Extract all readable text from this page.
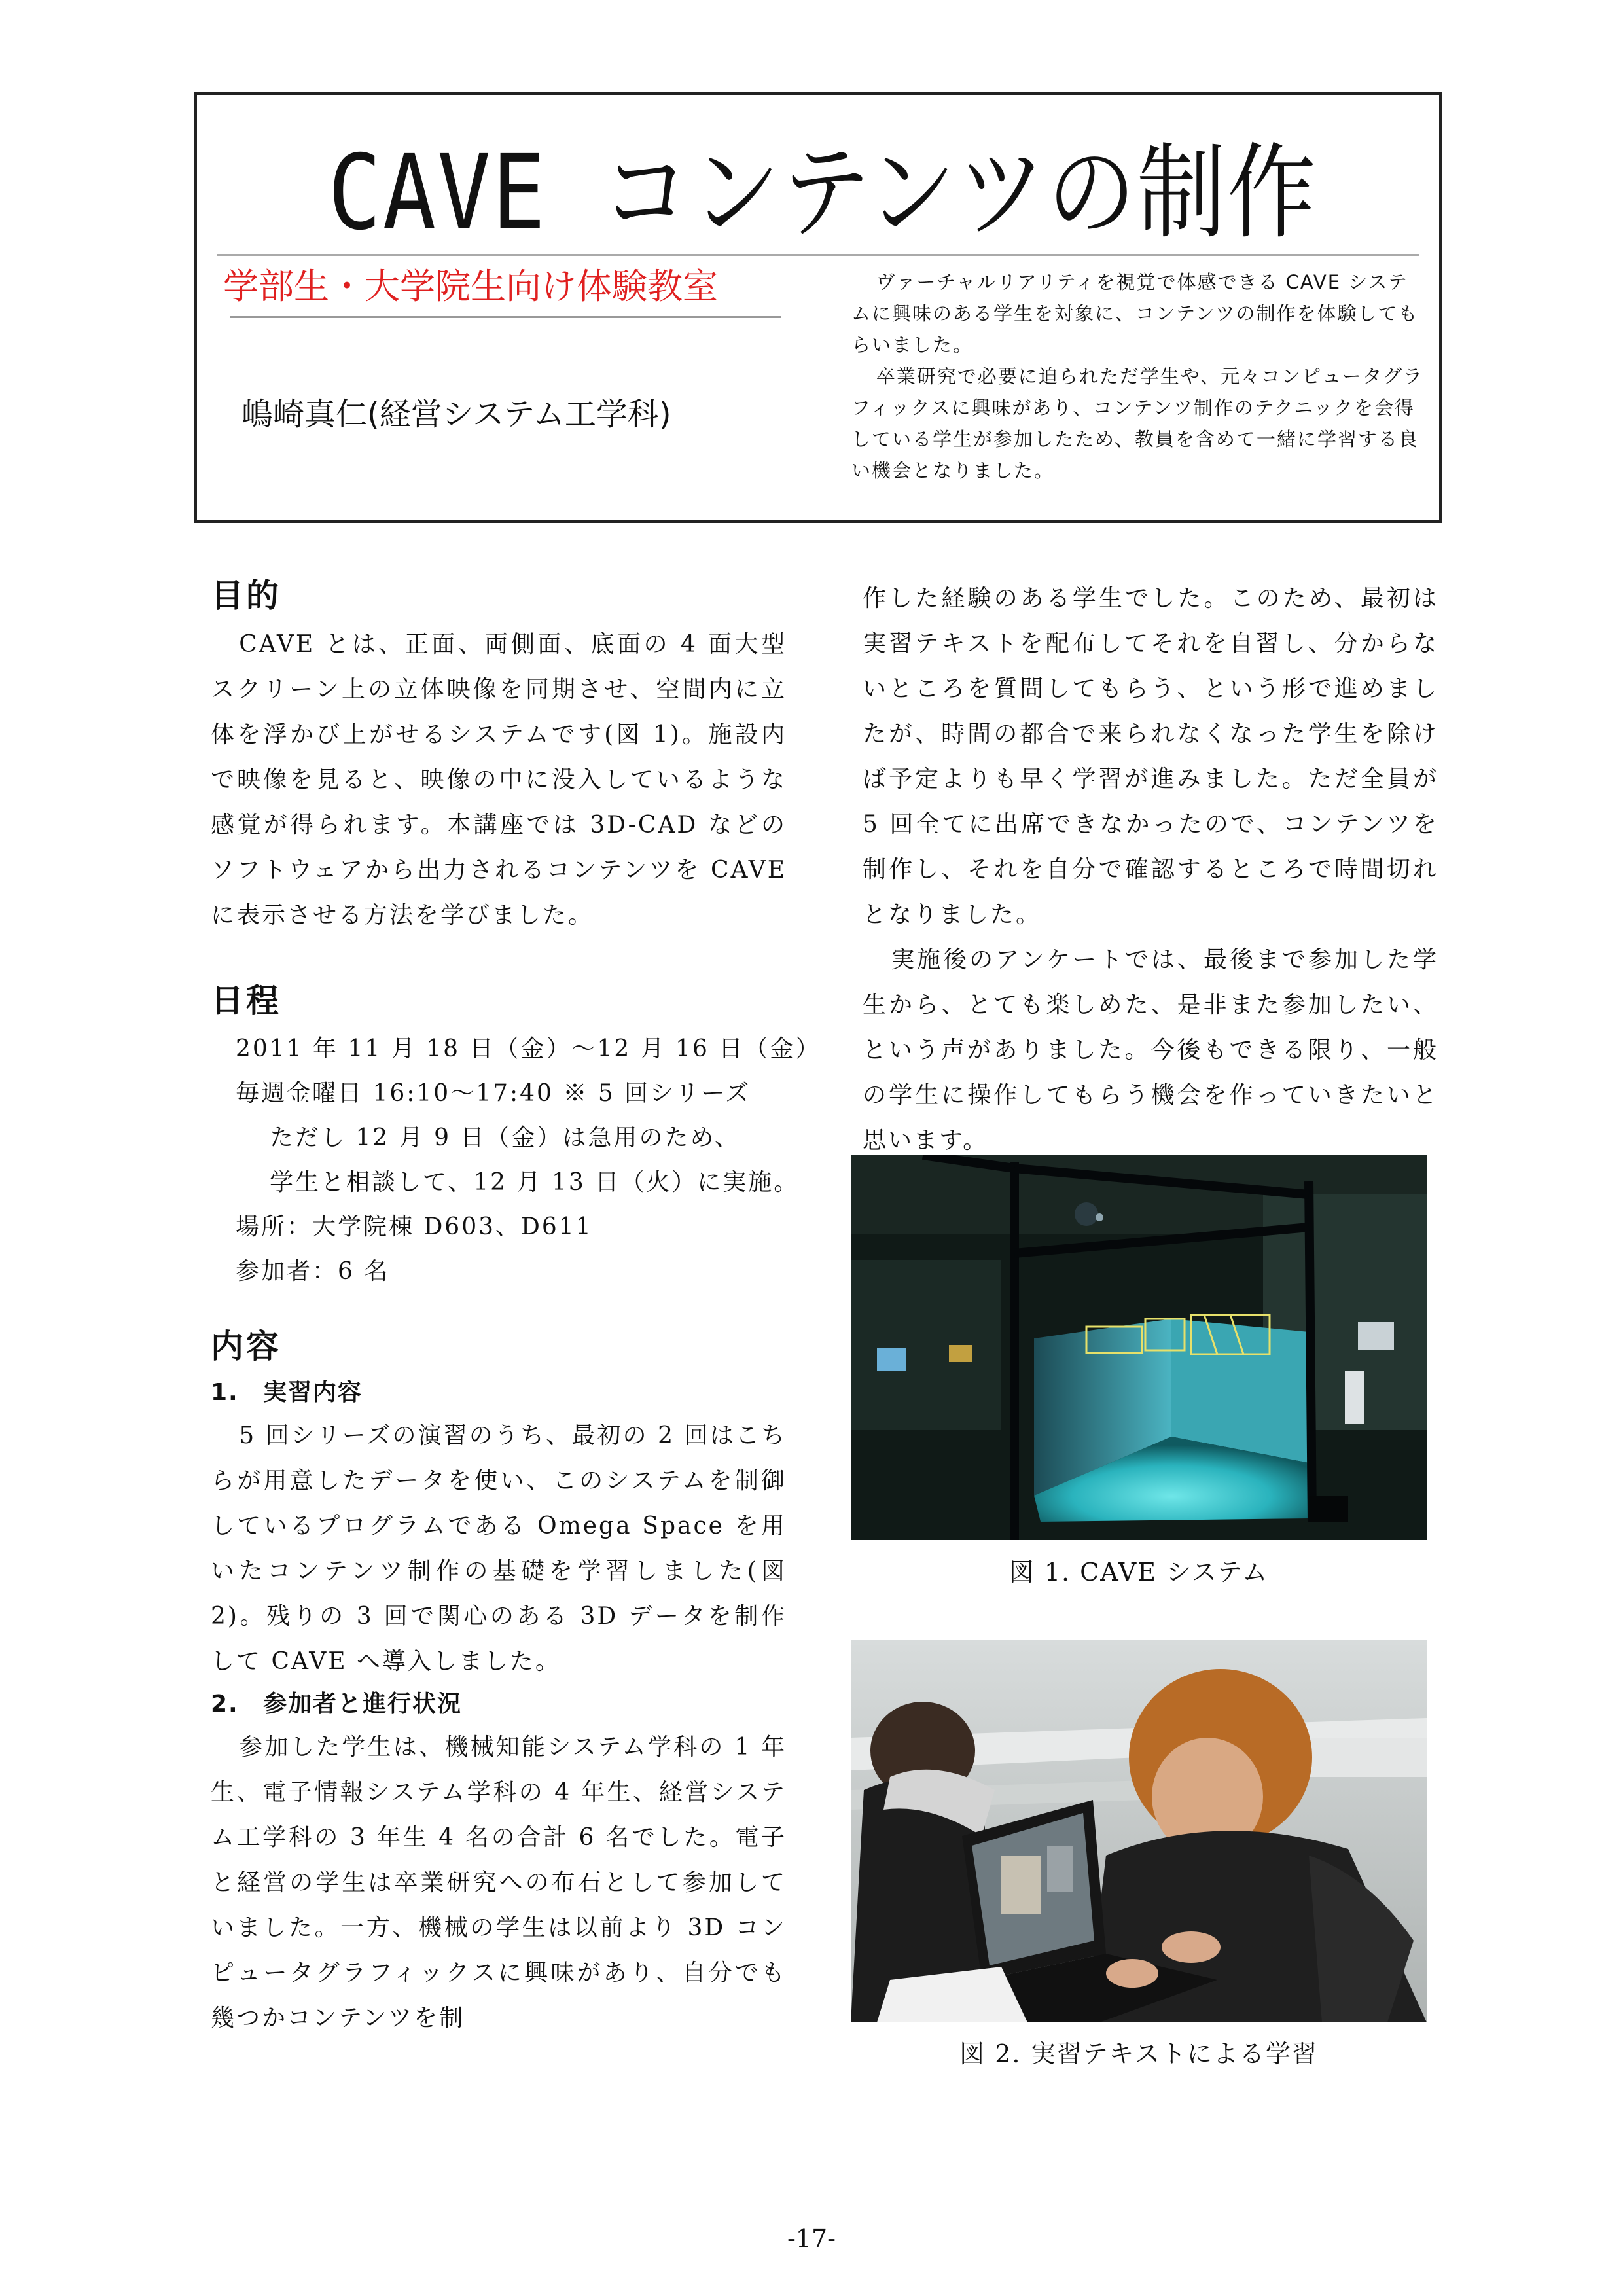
CAVE コンテンツの制作
学部生・大学院生向け体験教室
嶋崎真仁(経営システム工学科)

ヴァーチャルリアリティを視覚で体感できる CAVE システムに興味のある学生を対象に、コンテンツの制作を体験してもらいました。

卒業研究で必要に迫られただ学生や、元々コンピュータグラフィックスに興味があり、コンテンツ制作のテクニックを会得している学生が参加したため、教員を含めて一緒に学習する良い機会となりました。

目的

CAVE とは、正面、両側面、底面の 4 面大型スクリーン上の立体映像を同期させ、空間内に立体を浮かび上がせるシステムです(図 1)。施設内で映像を見ると、映像の中に没入しているような感覚が得られます。本講座では 3D-CAD などのソフトウェアから出力されるコンテンツを CAVE に表示させる方法を学びました。

日程

2011 年 11 月 18 日（金）〜12 月 16 日（金）

毎週金曜日 16:10〜17:40 ※ 5 回シリーズ

ただし 12 月 9 日（金）は急用のため、

学生と相談して、12 月 13 日（火）に実施。

場所：大学院棟 D603、D611

参加者：6 名

内容

1. 実習内容

5 回シリーズの演習のうち、最初の 2 回はこちらが用意したデータを使い、このシステムを制御しているプログラムである Omega Space を用いたコンテンツ制作の基礎を学習しました(図 2)。残りの 3 回で関心のある 3D データを制作して CAVE へ導入しました。

2. 参加者と進行状況

参加した学生は、機械知能システム学科の 1 年生、電子情報システム学科の 4 年生、経営システム工学科の 3 年生 4 名の合計 6 名でした。電子と経営の学生は卒業研究への布石として参加していました。一方、機械の学生は以前より 3D コンピュータグラフィックスに興味があり、自分でも幾つかコンテンツを制

作した経験のある学生でした。このため、最初は実習テキストを配布してそれを自習し、分からないところを質問してもらう、という形で進めましたが、時間の都合で来られなくなった学生を除けば予定よりも早く学習が進みました。ただ全員が 5 回全てに出席できなかったので、コンテンツを制作し、それを自分で確認するところで時間切れとなりました。

実施後のアンケートでは、最後まで参加した学生から、とても楽しめた、是非また参加したい、という声がありました。今後もできる限り、一般の学生に操作してもらう機会を作っていきたいと思います。

図 1. CAVE システム
図 2. 実習テキストによる学習
-17-
